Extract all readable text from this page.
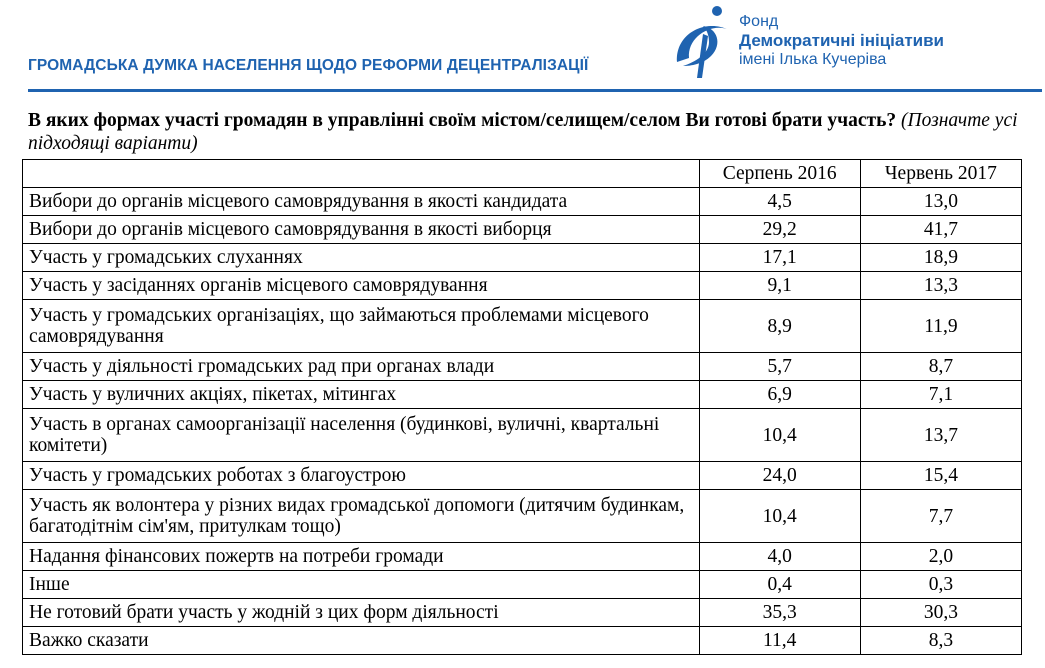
ГРОМАДСЬКА ДУМКА НАСЕЛЕННЯ ЩОДО РЕФОРМИ ДЕЦЕНТРАЛІЗАЦІЇ
Фонд
Демократичні ініціативи
імені Ілька Кучеріва
В яких формах участі громадян в управлінні своїм містом/селищем/селом Ви готові брати участь? (Позначте усі підходящі варіанти)
	Серпень 2016	Червень 2017
Вибори до органів місцевого самоврядування в якості кандидата	4,5	13,0
Вибори до органів місцевого самоврядування в якості виборця	29,2	41,7
Участь у громадських слуханнях	17,1	18,9
Участь у засіданнях органів місцевого самоврядування	9,1	13,3
Участь у громадських організаціях, що займаються проблемами місцевого самоврядування	8,9	11,9
Участь у діяльності громадських рад при органах влади	5,7	8,7
Участь у вуличних акціях, пікетах, мітингах	6,9	7,1
Участь в органах самоорганізації населення (будинкові, вуличні, квартальні комітети)	10,4	13,7
Участь у громадських роботах з благоустрою	24,0	15,4
Участь як волонтера у різних видах громадської допомоги (дитячим будинкам, багатодітнім сім'ям, притулкам тощо)	10,4	7,7
Надання фінансових пожертв на потреби громади	4,0	2,0
Інше	0,4	0,3
Не готовий брати участь у жодній з цих форм діяльності	35,3	30,3
Важко сказати	11,4	8,3
